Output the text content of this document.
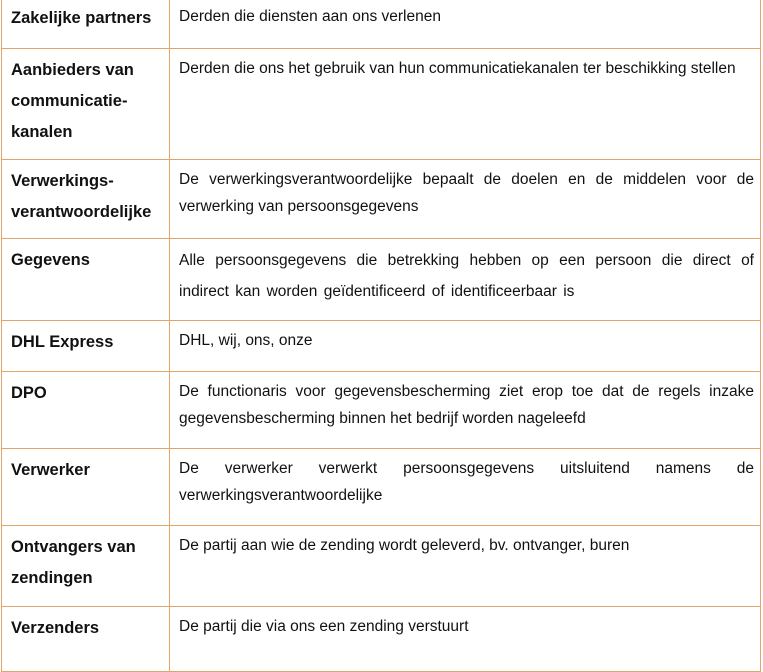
Zakelijke partners	Derden die diensten aan ons verlenen
Aanbieders van communicatie-kanalen	Derden die ons het gebruik van hun communicatiekanalen ter beschikking stellen
Verwerkings-verantwoordelijke	De verwerkingsverantwoordelijke bepaalt de doelen en de middelen voor de verwerking van persoonsgegevens
Gegevens	Alle persoonsgegevens die betrekking hebben op een persoon die direct of indirect kan worden geïdentificeerd of identificeerbaar is
DHL Express	DHL, wij, ons, onze
DPO	De functionaris voor gegevensbescherming ziet erop toe dat de regels inzake gegevensbescherming binnen het bedrijf worden nageleefd
Verwerker	De verwerker verwerkt persoonsgegevens uitsluitend namens de verwerkingsverantwoordelijke
Ontvangers van zendingen	De partij aan wie de zending wordt geleverd, bv. ontvanger, buren
Verzenders	De partij die via ons een zending verstuurt
